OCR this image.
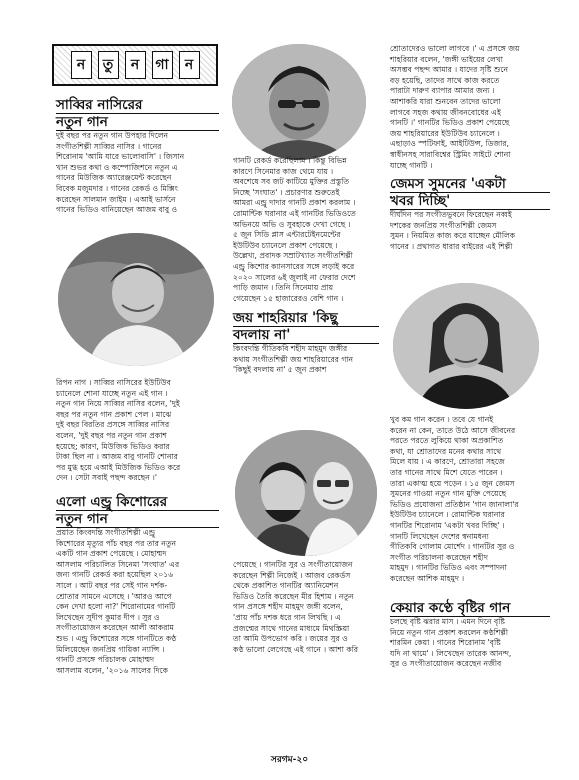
ন	তু	ন	গা	ন
সাব্বির নাসিরের
নতুন গান

দুই বছর পর নতুন গান উপহার দিলেন

সংগীতশিল্পী সাব্বির নাসির । গানের

শিরোনাম 'আমি যারে ভালোবাসি' । জিসান

খান শুভর কথা ও কম্পোজিশনে নতুন এ

গানের মিউজিক অ্যারেঞ্জমেন্ট করেছেন

বিবেক মজুমদার । গানের রেকর্ড ও মিক্সিং

করেছেন সালমান জাইম । এআই ভার্সনে

গানের ভিডিও বানিয়েছেন আজম বাবু ও

রিপন নাগ । সাব্বির নাসিরের ইউটিউব

চ্যানেলে শোনা যাচ্ছে নতুন এই গান ।

নতুন গান নিয়ে সাব্বির নাসির বলেন, 'দুই

বছর পর নতুন গান প্রকাশ পেল । মাঝে

দুই বছর বিরতির প্রসঙ্গে সাব্বির নাসির

বলেন, 'দুই বছর পর নতুন গান প্রকাশ

হয়েছে; কারণ, মিউজিক ভিডিও করার

টাকা ছিল না । আজম বাবু গানটি শোনার

পর মুগ্ধ হয়ে এআই মিউজিক ভিডিও করে

দেন । সেটা সবাই পছন্দ করছেন ।'

এলো এন্ড্রু কিশোরের
নতুন গান

প্রয়াত কিংবদন্তি সংগীতশিল্পী এন্ড্রু

কিশোরের মৃত্যুর পাঁচ বছর পর তার নতুন

একটি গান প্রকাশ পেয়েছে । মোহাম্মদ

আসলাম পরিচালিত সিনেমা 'সংঘাত' এর

জন্য গানটি রেকর্ড করা হয়েছিল ২০১৬

সালে । আট বছর পর সেই গান দর্শক-

শ্রোতার সামনে এসেছে । 'আরও আগে

কেন দেখা হলো না?' শিরোনামের গানটি

লিখেছেন সুদীপ কুমার দীপ । সুর ও

সংগীতায়োজন করেছেন আলী আকরাম

শুভ । এন্ড্রু কিশোরের সঙ্গে গানটিতে কণ্ঠ

মিলিয়েছেন জনপ্রিয় গায়িকা ন্যান্সি ।

গানটি প্রসঙ্গে পরিচালক মোহাম্মদ

আসলাম বলেন, '২০১৬ সালের দিকে

গানটি রেকর্ড করেছিলাম । কিন্তু বিভিন্ন

কারণে সিনেমার কাজ থেমে যায় ।

অবশেষে সব জট কাটিয়ে মুক্তির প্রস্তুতি

নিচ্ছে 'সংঘাত' । প্রচারণার শুরুতেই

আমরা এন্ড্রু দাদার গানটি প্রকাশ করলাম ।

রোমান্টিক ঘরানার এই গানটির ভিডিওতে

অভিনয়ে অভি ও সুবহাকে দেখা গেছে ।

৫ জুন সিডি প্লাস এন্টারটেইনমেন্টের

ইউটিউব চ্যানেলে প্রকাশ পেয়েছে ।

উল্লেখ্য, প্রবাদক সম্রাটখ্যাত সংগীতশিল্পী

এন্ড্রু কিশোর ক্যানসারের সঙ্গে লড়াই করে

২০২০ সালের ৬ই জুলাই না ফেরার দেশে

পাড়ি জমান । তিনি সিনেমায় প্রায়

গেয়েছেন ১৫ হাজারেরও বেশি গান ।

জয় শাহরিয়ার 'কিছু
বদলায় না'

কিংবদন্তি গীতিকবি শহীদ মাহমুদ জঙ্গীর

কথায় সংগীতশিল্পী জয় শাহরিয়ারের গান

'কিছুই বদলায় না' ৫ জুন প্রকাশ

পেয়েছে । গানটির সুর ও সংগীতায়োজন

করেছেন শিল্পী নিজেই । আজব রেকর্ডস

থেকে প্রকাশিত গানটির অ্যানিমেশন

ভিডিও তৈরি করেছেন মীর হিশাম । নতুন

গান প্রসঙ্গে শহীদ মাহমুদ জঙ্গী বলেন,

'প্রায় পাঁচ দশক ধরে গান লিখছি । এ

প্রজন্মের সাথে গানের মাধ্যমে মিথস্ক্রিয়া

তা আমি উপভোগ করি । জয়ের সুর ও

কণ্ঠ ভালো লেগেছে এই গানে । আশা করি

শ্রোতাদেরও ভালো লাগবে ।' এ প্রসঙ্গে জয়

শাহরিয়ার বলেন, 'জঙ্গী ভাইয়ের লেখা

অসম্ভব পছন্দ আমার । যাদের সৃষ্টি শুনে

বড় হয়েছি, তাদের সাথে কাজ করতে

পারাটা দারুণ ব্যাপার আমার জন্য ।

আশাকরি যারা শুনবেন তাদের ভালো

লাগবে সহজ কথায় জীবনবোধের এই

গানটি ।' গানটির ভিডিও প্রকাশ পেয়েছে

জয় শাহরিয়ারের ইউটিউব চ্যানেলে ।

এছাড়াও স্পটিফাই, আইটিউন্স, ডিজার,

স্বাধীনসহ সারাবিশ্বের স্ট্রিমিং সাইটে শোনা

যাচ্ছে গানটি ।

জেমস সুমনের 'একটা
খবর দিচ্ছি'

দীর্ঘদিন পর সংগীতভুবনে ফিরেছেন নব্বই

দশকের জনপ্রিয় সংগীতশিল্পী জেমস

সুমন । নিয়মিত কাজ করে যাচ্ছেন মৌলিক

গানের । প্রথাগত ধারার বাইরের এই শিল্পী

খুব কম গান করেন । তবে যে গানই

করেন না কেন, তাতে উঠে আসে জীবনের

পরতে পরতে লুকিয়ে থাকা অপ্রকাশিত

কথা, যা শ্রোতাদের মনের কথার সাথে

মিলে যায় । এ কারণে, শ্রোতারা সহজে

তার গানের সাথে মিশে যেতে পারেন ।

তারা একাত্ম হয়ে পড়েন । ১৫ জুন জেমস

সুমনের গাওয়া নতুন গান মুক্তি পেয়েছে

ভিডিও প্রযোজনা প্রতিষ্ঠান 'গান জানালা'র

ইউটিউব চ্যানেলে । রোমান্টিক ঘরানার

গানটির শিরোনাম 'একটা খবর দিচ্ছি' ।

গানটি লিখেছেন দেশের স্বনামধন্য

গীতিকবি গোলাম মোর্শেদ । গানটির সুর ও

সংগীত পরিচালনা করেছেন শহীদ

মাহমুদ । গানটির ভিডিও এবং সম্পাদনা

করেছেন আশিক মাহমুদ ।

কেয়ার কণ্ঠে বৃষ্টির গান

চলছে বৃষ্টি ঝরার মাস । এমন দিনে বৃষ্টি

নিয়ে নতুন গান প্রকাশ করলেন কণ্ঠশিল্পী

শারমিন কেয়া । গানের শিরোনাম 'বৃষ্টি

যদি না থামে' । লিখেছেন তারেক আনন্দ,

সুর ও সংগীতায়োজন করেছেন নজীব

সরগম-২০
